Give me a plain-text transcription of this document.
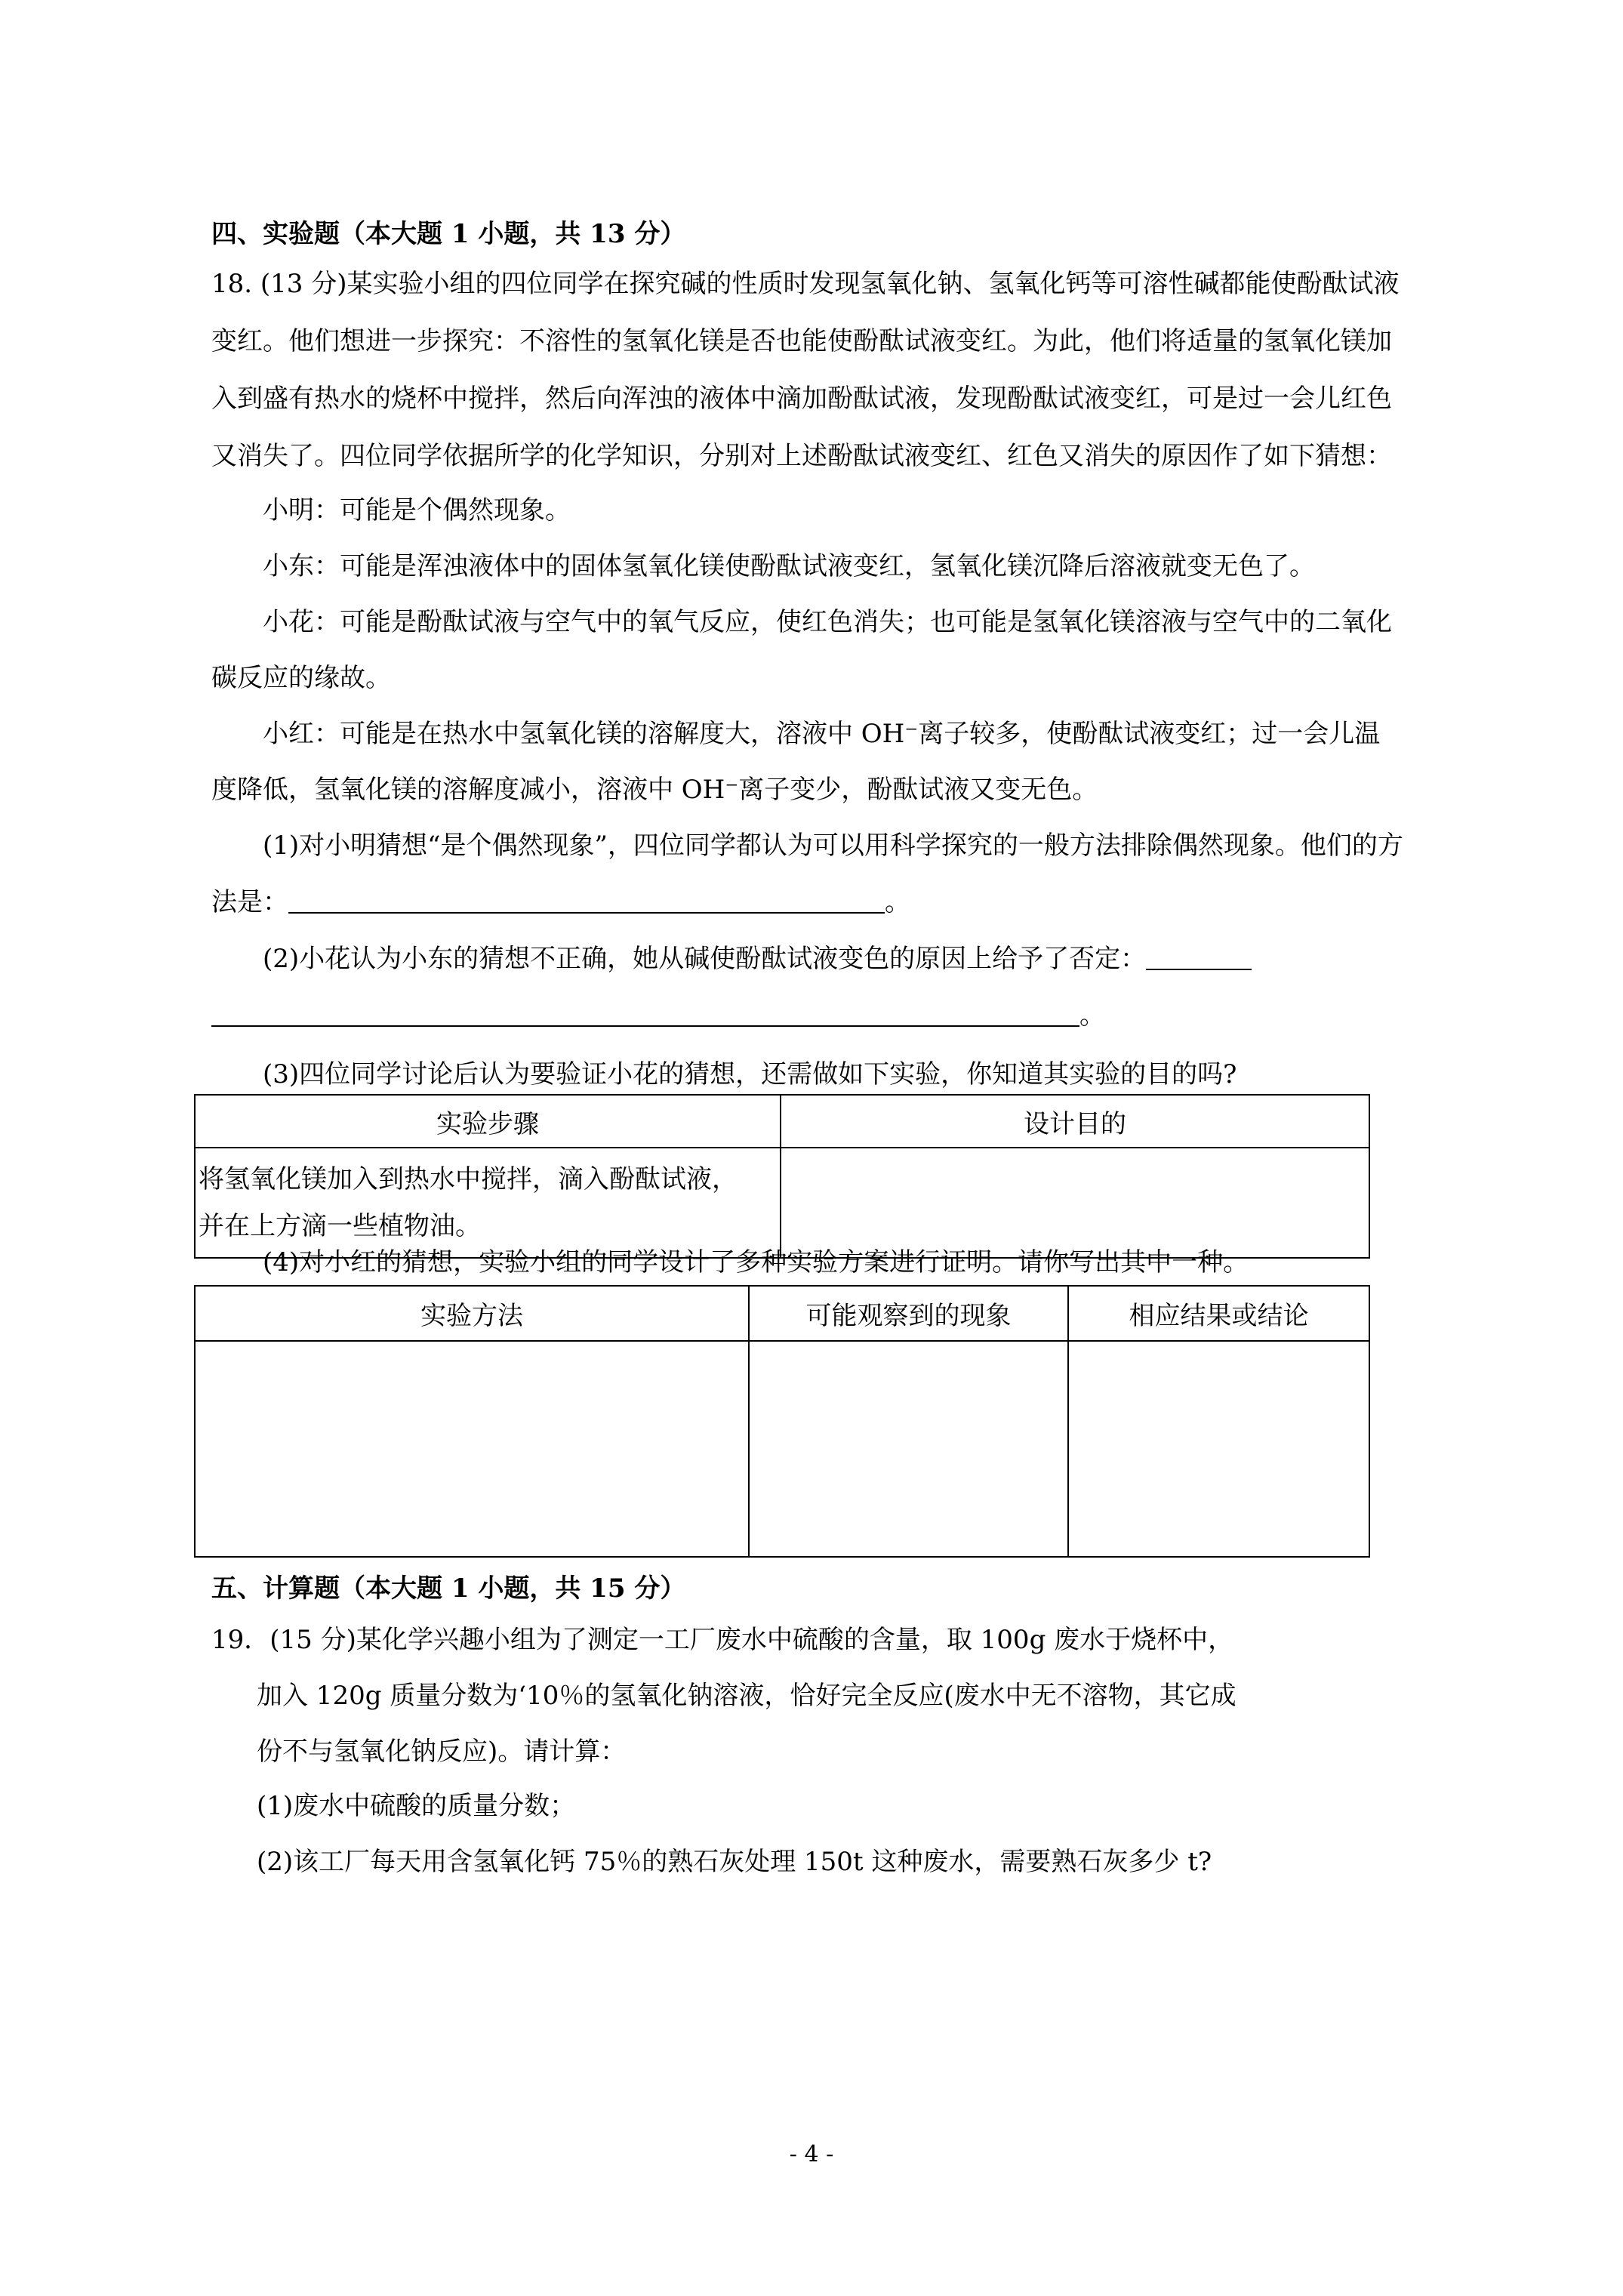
四、实验题（本大题 1 小题，共 13 分）
18. (13 分)某实验小组的四位同学在探究碱的性质时发现氢氧化钠、氢氧化钙等可溶性碱都能使酚酞试液
变红。他们想进一步探究：不溶性的氢氧化镁是否也能使酚酞试液变红。为此，他们将适量的氢氧化镁加
入到盛有热水的烧杯中搅拌，然后向浑浊的液体中滴加酚酞试液，发现酚酞试液变红，可是过一会儿红色
又消失了。四位同学依据所学的化学知识，分别对上述酚酞试液变红、红色又消失的原因作了如下猜想：
小明：可能是个偶然现象。
小东：可能是浑浊液体中的固体氢氧化镁使酚酞试液变红，氢氧化镁沉降后溶液就变无色了。
小花：可能是酚酞试液与空气中的氧气反应，使红色消失；也可能是氢氧化镁溶液与空气中的二氧化
碳反应的缘故。
小红：可能是在热水中氢氧化镁的溶解度大，溶液中 OH⁻离子较多，使酚酞试液变红；过一会儿温
度降低，氢氧化镁的溶解度减小，溶液中 OH⁻离子变少，酚酞试液又变无色。
(1)对小明猜想“是个偶然现象”，四位同学都认为可以用科学探究的一般方法排除偶然现象。他们的方
法是：	。
(2)小花认为小东的猜想不正确，她从碱使酚酞试液变色的原因上给予了否定：
。
(3)四位同学讨论后认为要验证小花的猜想，还需做如下实验，你知道其实验的目的吗?
实验步骤	设计目的

将氢氧化镁加入到热水中搅拌，滴入酚酞试液，
并在上方滴一些植物油。	

(4)对小红的猜想，实验小组的同学设计了多种实验方案进行证明。请你写出其中一种。
实验方法	可能观察到的现象	相应结果或结论

五、计算题（本大题 1 小题，共 15 分）
19．(15 分)某化学兴趣小组为了测定一工厂废水中硫酸的含量，取 100g 废水于烧杯中，
加入 120g 质量分数为‘10％的氢氧化钠溶液，恰好完全反应(废水中无不溶物，其它成
份不与氢氧化钠反应)。请计算：
(1)废水中硫酸的质量分数；
(2)该工厂每天用含氢氧化钙 75％的熟石灰处理 150t 这种废水，需要熟石灰多少 t?
- 4 -
